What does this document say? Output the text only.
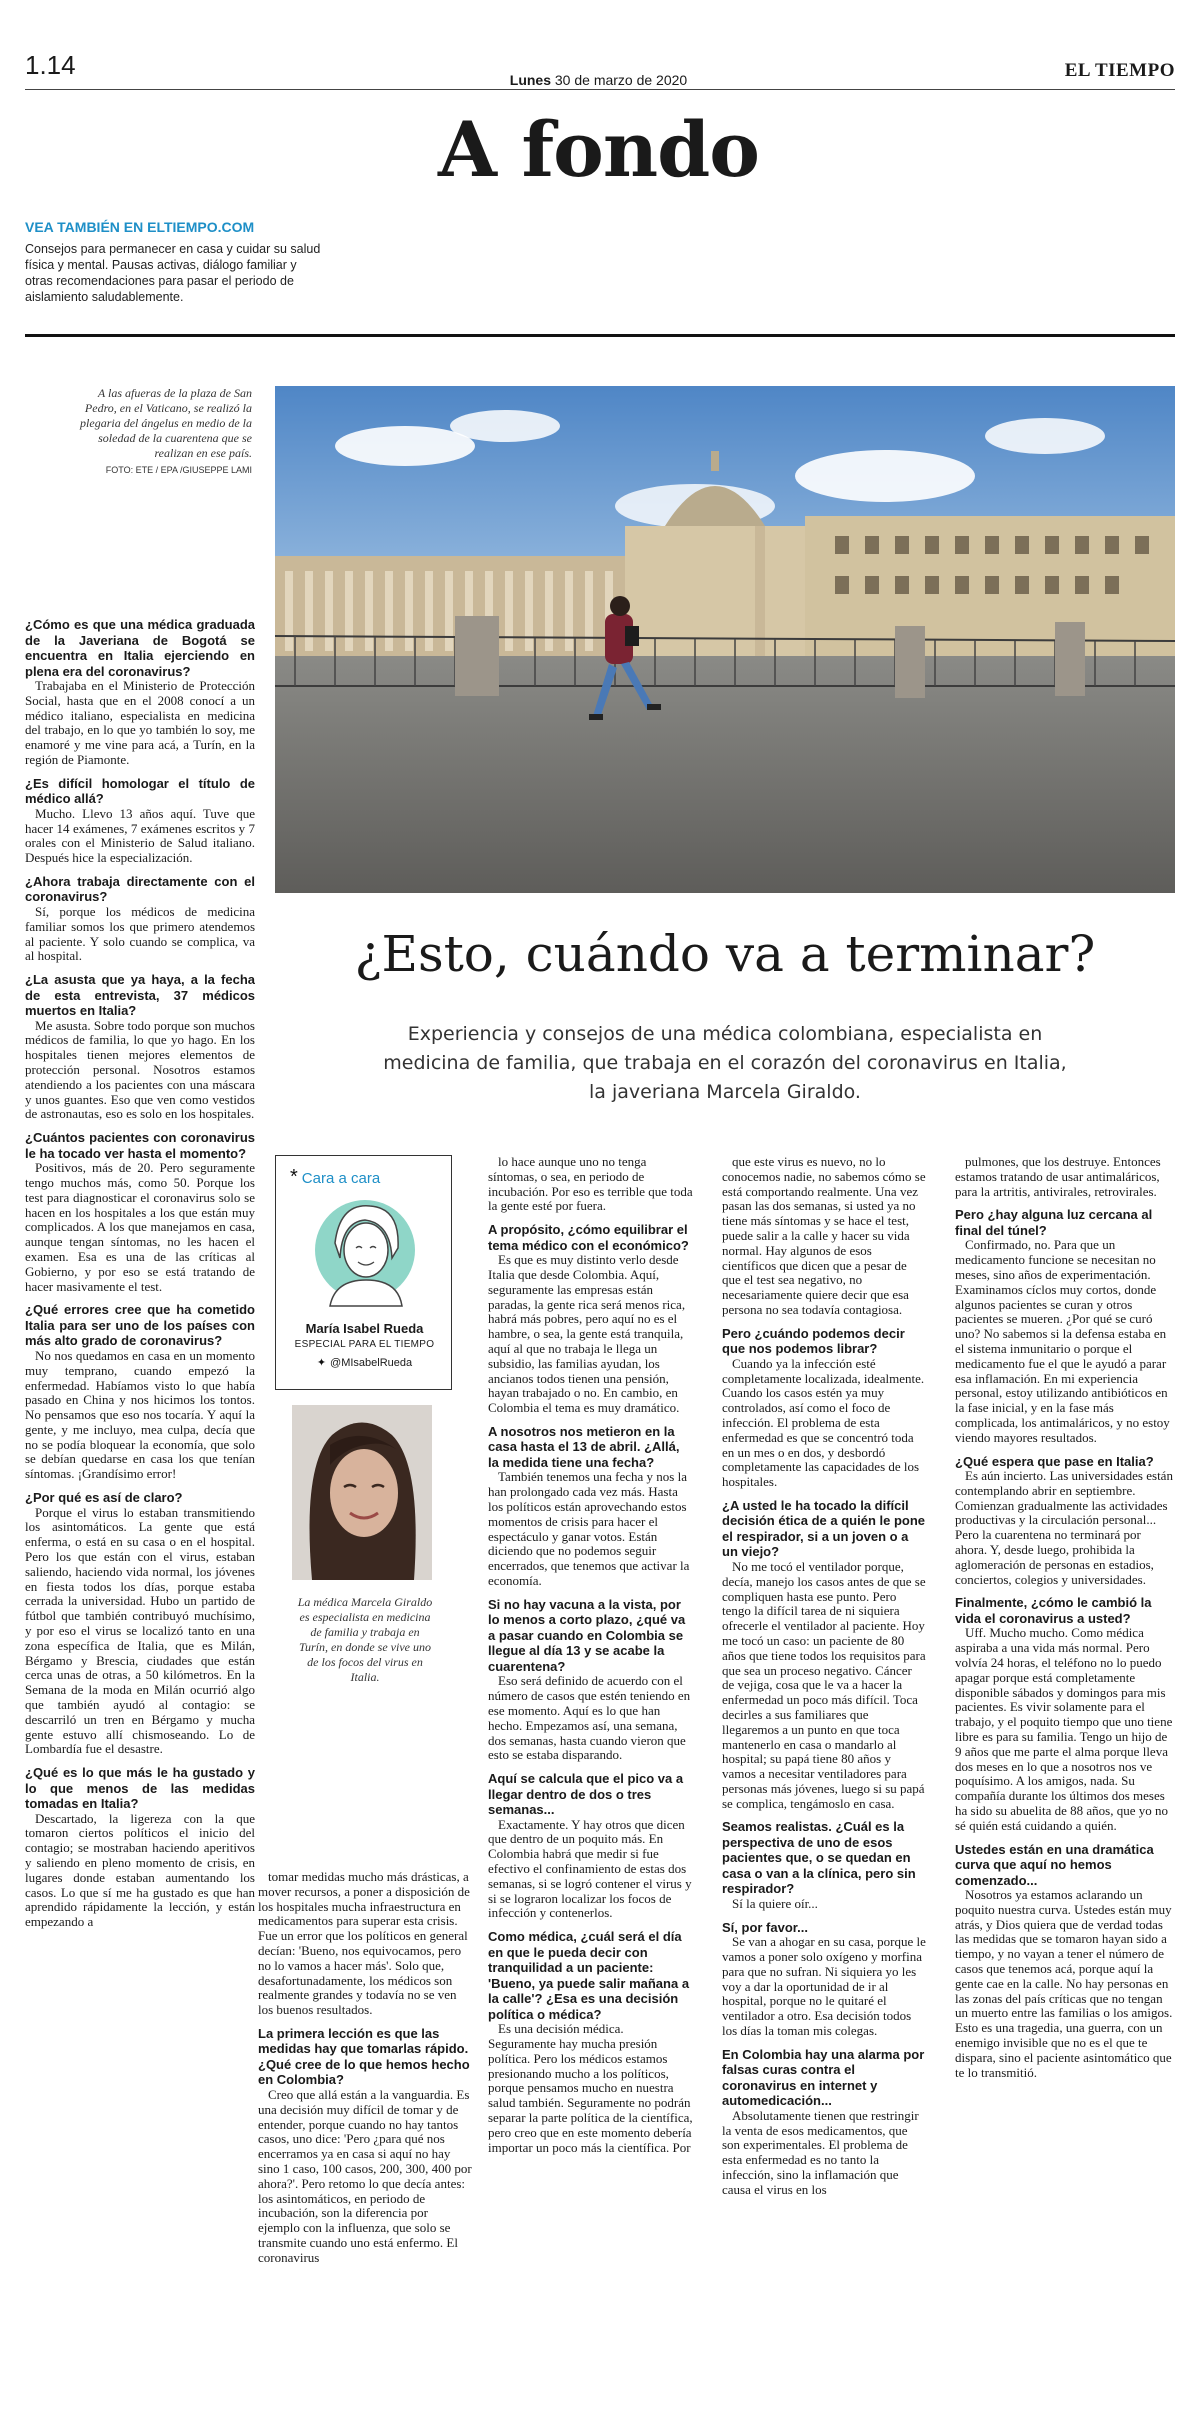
1.14	Lunes 30 de marzo de 2020	EL TIEMPO
A fondo
VEA TAMBIÉN EN ELTIEMPO.COM
Consejos para permanecer en casa y cuidar su salud física y mental. Pausas activas, diálogo familiar y otras recomendaciones para pasar el periodo de aislamiento saludablemente.
A las afueras de la plaza de San Pedro, en el Vaticano, se realizó la plegaria del ángelus en medio de la soledad de la cuarentena que se realizan en ese país.
FOTO: ETE / EPA /GIUSEPPE LAMI
¿Esto, cuándo va a terminar?

Experiencia y consejos de una médica colombiana, especialista en medicina de familia, que trabaja en el corazón del coronavirus en Italia, la javeriana Marcela Giraldo.

* Cara a cara
María Isabel Rueda
ESPECIAL PARA EL TIEMPO
✦ @MIsabelRueda
La médica Marcela Giraldo es especialista en medicina de familia y trabaja en Turín, en donde se vive uno de los focos del virus en Italia.
¿Cómo es que una médica graduada de la Javeriana de Bogotá se encuentra en Italia ejerciendo en plena era del coronavirus?
Trabajaba en el Ministerio de Protección Social, hasta que en el 2008 conocí a un médico italiano, especialista en medicina del trabajo, en lo que yo también lo soy, me enamoré y me vine para acá, a Turín, en la región de Piamonte.
¿Es difícil homologar el título de médico allá?
Mucho. Llevo 13 años aquí. Tuve que hacer 14 exámenes, 7 exámenes escritos y 7 orales con el Ministerio de Salud italiano. Después hice la especialización.
¿Ahora trabaja directamente con el coronavirus?
Sí, porque los médicos de medicina familiar somos los que primero atendemos al paciente. Y solo cuando se complica, va al hospital.
¿La asusta que ya haya, a la fecha de esta entrevista, 37 médicos muertos en Italia?
Me asusta. Sobre todo porque son muchos médicos de familia, lo que yo hago. En los hospitales tienen mejores elementos de protección personal. Nosotros estamos atendiendo a los pacientes con una máscara y unos guantes. Eso que ven como vestidos de astronautas, eso es solo en los hospitales.
¿Cuántos pacientes con coronavirus le ha tocado ver hasta el momento?
Positivos, más de 20. Pero seguramente tengo muchos más, como 50. Porque los test para diagnosticar el coronavirus solo se hacen en los hospitales a los que están muy complicados. A los que manejamos en casa, aunque tengan síntomas, no les hacen el examen. Esa es una de las críticas al Gobierno, y por eso se está tratando de hacer masivamente el test.
¿Qué errores cree que ha cometido Italia para ser uno de los países con más alto grado de coronavirus?
No nos quedamos en casa en un momento muy temprano, cuando empezó la enfermedad. Habíamos visto lo que había pasado en China y nos hicimos los tontos. No pensamos que eso nos tocaría. Y aquí la gente, y me incluyo, mea culpa, decía que no se podía bloquear la economía, que solo se debían quedarse en casa los que tenían síntomas. ¡Grandísimo error!
¿Por qué es así de claro?
Porque el virus lo estaban transmitiendo los asintomáticos. La gente que está enferma, o está en su casa o en el hospital. Pero los que están con el virus, estaban saliendo, haciendo vida normal, los jóvenes en fiesta todos los días, porque estaba cerrada la universidad. Hubo un partido de fútbol que también contribuyó muchísimo, y por eso el virus se localizó tanto en una zona específica de Italia, que es Milán, Bérgamo y Brescia, ciudades que están cerca unas de otras, a 50 kilómetros. En la Semana de la moda en Milán ocurrió algo que también ayudó al contagio: se descarriló un tren en Bérgamo y mucha gente estuvo allí chismoseando. Lo de Lombardía fue el desastre.
¿Qué es lo que más le ha gustado y lo que menos de las medidas tomadas en Italia?
Descartado, la ligereza con la que tomaron ciertos políticos el inicio del contagio; se mostraban haciendo aperitivos y saliendo en pleno momento de crisis, en lugares donde estaban aumentando los casos. Lo que sí me ha gustado es que han aprendido rápidamente la lección, y están empezando a
tomar medidas mucho más drásticas, a mover recursos, a poner a disposición de los hospitales mucha infraestructura en medicamentos para superar esta crisis. Fue un error que los políticos en general decían: 'Bueno, nos equivocamos, pero no lo vamos a hacer más'. Solo que, desafortunadamente, los médicos son realmente grandes y todavía no se ven los buenos resultados.
La primera lección es que las medidas hay que tomarlas rápido. ¿Qué cree de lo que hemos hecho en Colombia?
Creo que allá están a la vanguardia. Es una decisión muy difícil de tomar y de entender, porque cuando no hay tantos casos, uno dice: 'Pero ¿para qué nos encerramos ya en casa si aquí no hay sino 1 caso, 100 casos, 200, 300, 400 por ahora?'. Pero retomo lo que decía antes: los asintomáticos, en periodo de incubación, son la diferencia por ejemplo con la influenza, que solo se transmite cuando uno está enfermo. El coronavirus
lo hace aunque uno no tenga síntomas, o sea, en periodo de incubación. Por eso es terrible que toda la gente esté por fuera.
A propósito, ¿cómo equilibrar el tema médico con el económico?
Es que es muy distinto verlo desde Italia que desde Colombia. Aquí, seguramente las empresas están paradas, la gente rica será menos rica, habrá más pobres, pero aquí no es el hambre, o sea, la gente está tranquila, aquí al que no trabaja le llega un subsidio, las familias ayudan, los ancianos todos tienen una pensión, hayan trabajado o no. En cambio, en Colombia el tema es muy dramático.
A nosotros nos metieron en la casa hasta el 13 de abril. ¿Allá, la medida tiene una fecha?
También tenemos una fecha y nos la han prolongado cada vez más. Hasta los políticos están aprovechando estos momentos de crisis para hacer el espectáculo y ganar votos. Están diciendo que no podemos seguir encerrados, que tenemos que activar la economía.
Si no hay vacuna a la vista, por lo menos a corto plazo, ¿qué va a pasar cuando en Colombia se llegue al día 13 y se acabe la cuarentena?
Eso será definido de acuerdo con el número de casos que estén teniendo en ese momento. Aquí es lo que han hecho. Empezamos así, una semana, dos semanas, hasta cuando vieron que esto se estaba disparando.
Aquí se calcula que el pico va a llegar dentro de dos o tres semanas...
Exactamente. Y hay otros que dicen que dentro de un poquito más. En Colombia habrá que medir si fue efectivo el confinamiento de estas dos semanas, si se logró contener el virus y si se lograron localizar los focos de infección y contenerlos.
Como médica, ¿cuál será el día en que le pueda decir con tranquilidad a un paciente: 'Bueno, ya puede salir mañana a la calle'? ¿Esa es una decisión política o médica?
Es una decisión médica. Seguramente hay mucha presión política. Pero los médicos estamos presionando mucho a los políticos, porque pensamos mucho en nuestra salud también. Seguramente no podrán separar la parte política de la científica, pero creo que en este momento debería importar un poco más la científica. Por
que este virus es nuevo, no lo conocemos nadie, no sabemos cómo se está comportando realmente. Una vez pasan las dos semanas, si usted ya no tiene más síntomas y se hace el test, puede salir a la calle y hacer su vida normal. Hay algunos de esos científicos que dicen que a pesar de que el test sea negativo, no necesariamente quiere decir que esa persona no sea todavía contagiosa.
Pero ¿cuándo podemos decir que nos podemos librar?
Cuando ya la infección esté completamente localizada, idealmente. Cuando los casos estén ya muy controlados, así como el foco de infección. El problema de esta enfermedad es que se concentró toda en un mes o en dos, y desbordó completamente las capacidades de los hospitales.
¿A usted le ha tocado la difícil decisión ética de a quién le pone el respirador, si a un joven o a un viejo?
No me tocó el ventilador porque, decía, manejo los casos antes de que se compliquen hasta ese punto. Pero tengo la difícil tarea de ni siquiera ofrecerle el ventilador al paciente. Hoy me tocó un caso: un paciente de 80 años que tiene todos los requisitos para que sea un proceso negativo. Cáncer de vejiga, cosa que le va a hacer la enfermedad un poco más difícil. Toca decirles a sus familiares que llegaremos a un punto en que toca mantenerlo en casa o mandarlo al hospital; su papá tiene 80 años y vamos a necesitar ventiladores para personas más jóvenes, luego si su papá se complica, tengámoslo en casa.
Seamos realistas. ¿Cuál es la perspectiva de uno de esos pacientes que, o se quedan en casa o van a la clínica, pero sin respirador?
Sí la quiere oír...
Sí, por favor...
Se van a ahogar en su casa, porque le vamos a poner solo oxígeno y morfina para que no sufran. Ni siquiera yo les voy a dar la oportunidad de ir al hospital, porque no le quitaré el ventilador a otro. Esa decisión todos los días la toman mis colegas.
En Colombia hay una alarma por falsas curas contra el coronavirus en internet y automedicación...
Absolutamente tienen que restringir la venta de esos medicamentos, que son experimentales. El problema de esta enfermedad es no tanto la infección, sino la inflamación que causa el virus en los
pulmones, que los destruye. Entonces estamos tratando de usar antimaláricos, para la artritis, antivirales, retrovirales.
Pero ¿hay alguna luz cercana al final del túnel?
Confirmado, no. Para que un medicamento funcione se necesitan no meses, sino años de experimentación. Examinamos cíclos muy cortos, donde algunos pacientes se curan y otros pacientes se mueren. ¿Por qué se curó uno? No sabemos si la defensa estaba en el sistema inmunitario o porque el medicamento fue el que le ayudó a parar esa inflamación. En mi experiencia personal, estoy utilizando antibióticos en la fase inicial, y en la fase más complicada, los antimaláricos, y no estoy viendo mayores resultados.
¿Qué espera que pase en Italia?
Es aún incierto. Las universidades están contemplando abrir en septiembre. Comienzan gradualmente las actividades productivas y la circulación personal... Pero la cuarentena no terminará por ahora. Y, desde luego, prohibida la aglomeración de personas en estadios, conciertos, colegios y universidades.
Finalmente, ¿cómo le cambió la vida el coronavirus a usted?
Uff. Mucho mucho. Como médica aspiraba a una vida más normal. Pero volvía 24 horas, el teléfono no lo puedo apagar porque está completamente disponible sábados y domingos para mis pacientes. Es vivir solamente para el trabajo, y el poquito tiempo que uno tiene libre es para su familia. Tengo un hijo de 9 años que me parte el alma porque lleva dos meses en lo que a nosotros nos ve poquísimo. A los amigos, nada. Su compañía durante los últimos dos meses ha sido su abuelita de 88 años, que yo no sé quién está cuidando a quién.
Ustedes están en una dramática curva que aquí no hemos comenzado...
Nosotros ya estamos aclarando un poquito nuestra curva. Ustedes están muy atrás, y Dios quiera que de verdad todas las medidas que se tomaron hayan sido a tiempo, y no vayan a tener el número de casos que tenemos acá, porque aquí la gente cae en la calle. No hay personas en las zonas del país críticas que no tengan un muerto entre las familias o los amigos. Esto es una tragedia, una guerra, con un enemigo invisible que no es el que te dispara, sino el paciente asintomático que te lo transmitió.
